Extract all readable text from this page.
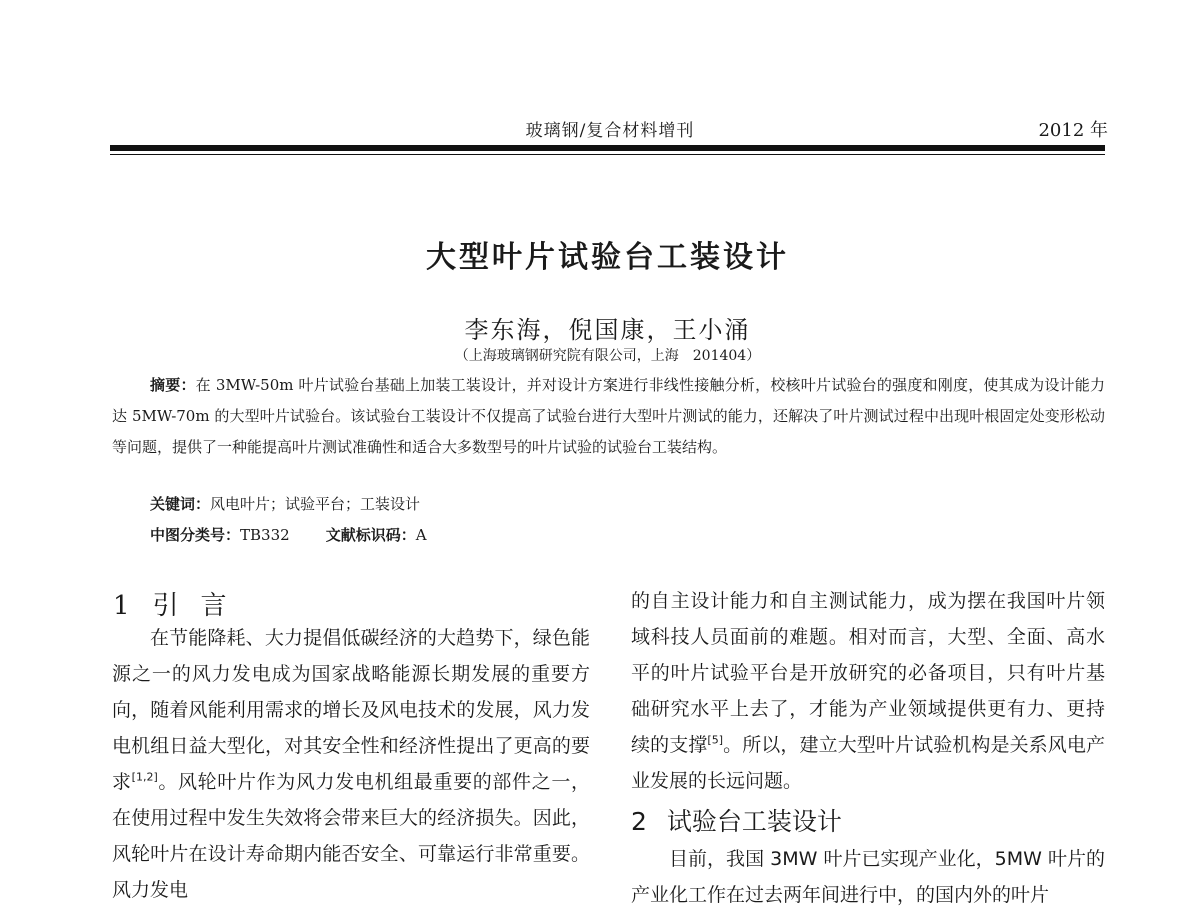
玻璃钢/复合材料增刊	2012 年
大型叶片试验台工装设计
李东海，倪国康，王小涌
（上海玻璃钢研究院有限公司，上海　201404）
摘要：在 3MW-50m 叶片试验台基础上加装工装设计，并对设计方案进行非线性接触分析，校核叶片试验台的强度和刚度，使其成为设计能力达 5MW-70m 的大型叶片试验台。该试验台工装设计不仅提高了试验台进行大型叶片测试的能力，还解决了叶片测试过程中出现叶根固定处变形松动等问题，提供了一种能提高叶片测试准确性和适合大多数型号的叶片试验的试验台工装结构。
关键词：风电叶片；试验平台；工装设计
中图分类号：TB332 文献标识码：A
1 引言
在节能降耗、大力提倡低碳经济的大趋势下，绿色能源之一的风力发电成为国家战略能源长期发展的重要方向，随着风能利用需求的增长及风电技术的发展，风力发电机组日益大型化，对其安全性和经济性提出了更高的要求[1,2]。风轮叶片作为风力发电机组最重要的部件之一，在使用过程中发生失效将会带来巨大的经济损失。因此，风轮叶片在设计寿命期内能否安全、可靠运行非常重要。风力发电
的自主设计能力和自主测试能力，成为摆在我国叶片领域科技人员面前的难题。相对而言，大型、全面、高水平的叶片试验平台是开放研究的必备项目，只有叶片基础研究水平上去了，才能为产业领域提供更有力、更持续的支撑[5]。所以，建立大型叶片试验机构是关系风电产业发展的长远问题。
2 试验台工装设计
目前，我国 3MW 叶片已实现产业化，5MW 叶片的产业化工作在过去两年间进行中，的国内外的叶片
